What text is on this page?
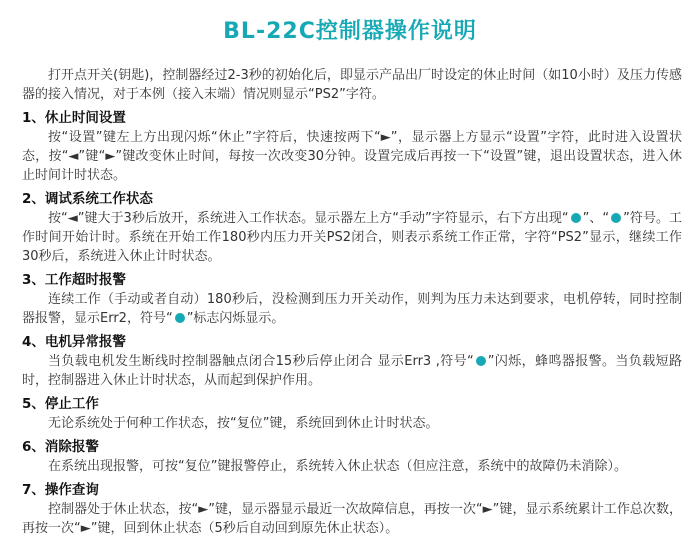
BL-22C控制器操作说明

打开点开关(钥匙)，控制器经过2-3秒的初始化后，即显示产品出厂时设定的休止时间（如10小时）及压力传感器的接入情况，对于本例（接入末端）情况则显示“PS2”字符。

1、休止时间设置

按“设置”键左上方出现闪烁“休止”字符后，快速按两下“►”，显示器上方显示“设置”字符，此时进入设置状态，按“◄”键“►”键改变休止时间，每按一次改变30分钟。设置完成后再按一下“设置”键，退出设置状态，进入休止时间计时状态。

2、调试系统工作状态

按“◄”键大于3秒后放开，系统进入工作状态。显示器左上方“手动”字符显示，右下方出现“ ”、“ ”符号。工作时间开始计时。系统在开始工作180秒内压力开关PS2闭合，则表示系统工作正常，字符“PS2”显示，继续工作30秒后，系统进入休止计时状态。

3、工作超时报警

连续工作（手动或者自动）180秒后，没检测到压力开关动作，则判为压力未达到要求，电机停转，同时控制器报警，显示Err2，符号“ ”标志闪烁显示。

4、电机异常报警

当负载电机发生断线时控制器触点闭合15秒后停止闭合 显示Err3 ,符号“ ”闪烁，蜂鸣器报警。当负载短路时，控制器进入休止计时状态，从而起到保护作用。

5、停止工作

无论系统处于何种工作状态，按“复位”键，系统回到休止计时状态。

6、消除报警

在系统出现报警，可按“复位”键报警停止，系统转入休止状态（但应注意，系统中的故障仍未消除）。

7、操作查询

控制器处于休止状态，按“►”键，显示器显示最近一次故障信息，再按一次“►”键，显示系统累计工作总次数，再按一次“►”键，回到休止状态（5秒后自动回到原先休止状态）。
